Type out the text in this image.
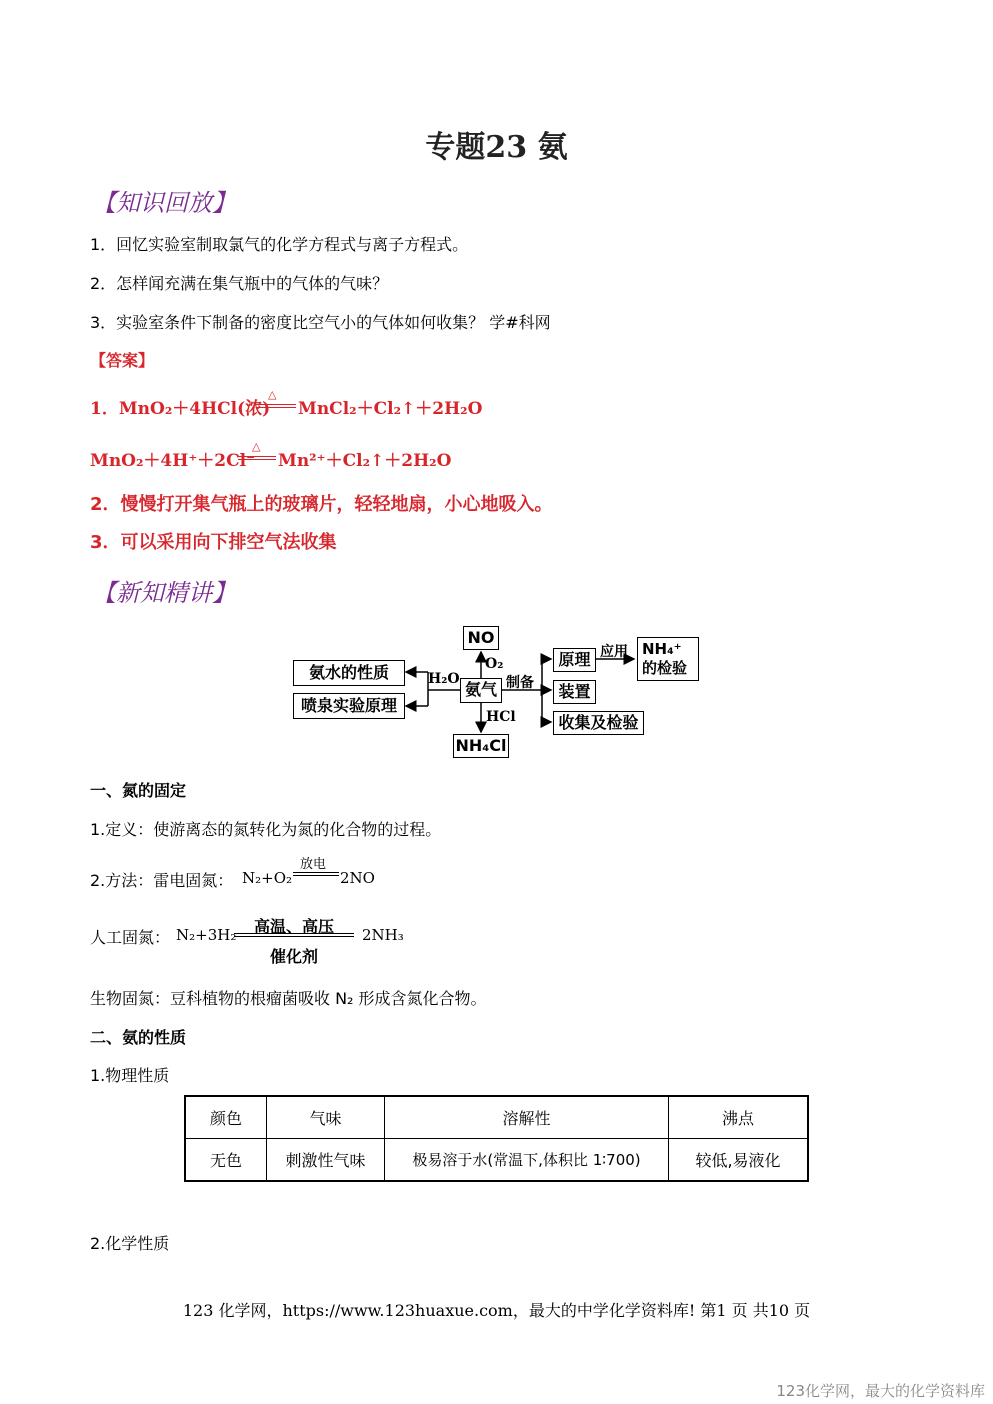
专题23 氨
【知识回放】
1．回忆实验室制取氯气的化学方程式与离子方程式。
2．怎样闻充满在集气瓶中的气体的气味？
3．实验室条件下制备的密度比空气小的气体如何收集？ 学#科网
【答案】
1．MnO₂＋4HCl(浓)
△
MnCl₂＋Cl₂↑＋2H₂O
MnO₂＋4H⁺＋2Cl⁻
△
Mn²⁺＋Cl₂↑＋2H₂O
2．慢慢打开集气瓶上的玻璃片，轻轻地扇，小心地吸入。
3．可以采用向下排空气法收集
【新知精讲】
NO
O₂
氨气
HCl
NH₄Cl
H₂O
氨水的性质
喷泉实验原理
制备
原理
装置
收集及检验
应用 NH₄⁺的检验
一、氮的固定
1.定义：使游离态的氮转化为氮的化合物的过程。
2.方法：雷电固氮： N₂+O₂
放电
2NO
人工固氮： N₂+3H₂ 高温、高压
催化剂
2NH₃
生物固氮：豆科植物的根瘤菌吸收 N₂ 形成含氮化合物。
二、氨的性质
1.物理性质
颜色	气味	溶解性	沸点
无色	刺激性气味	极易溶于水(常温下,体积比 1∶700)	较低,易液化
2.化学性质
123 化学网，https://www.123huaxue.com，最大的中学化学资料库! 第1 页 共10 页
123化学网，最大的化学资料库
